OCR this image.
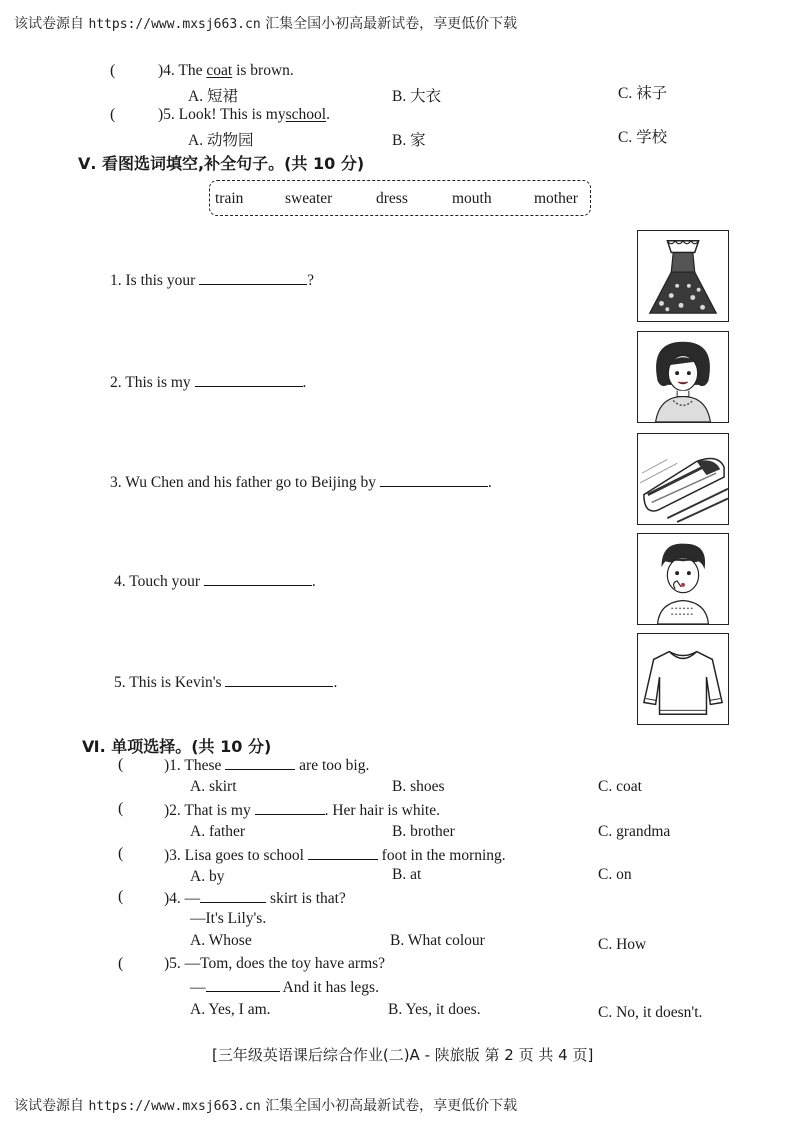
该试卷源自 https://www.mxsj663.cn 汇集全国小初高最新试卷，享更低价下载
(	)4. The coat is brown.
A. 短裙	B. 大衣	C. 袜子
(	)5. Look! This is myschool.
A. 动物园	B. 家	C. 学校
Ⅴ. 看图选词填空,补全句子。(共 10 分)
train	sweater	dress	mouth	mother
1. Is this your	?
2. This is my	.
3. Wu Chen and his father go to Beijing by	.
4. Touch your	.
5. This is Kevin's	.
Ⅵ. 单项选择。(共 10 分)
(	)1. These	are too big.
A. skirt	B. shoes	C. coat
(	)2. That is my	. Her hair is white.
A. father	B. brother	C. grandma
(	)3. Lisa goes to school	foot in the morning.
A. by	B. at	C. on
(	)4. —	skirt is that?
—It's Lily's.
A. Whose	B. What colour	C. How
(	)5. —Tom, does the toy have arms?
—	And it has legs.
A. Yes, I am.	B. Yes, it does.	C. No, it doesn't.
[三年级英语课后综合作业(二)A - 陕旅版 第 2 页 共 4 页]
该试卷源自 https://www.mxsj663.cn 汇集全国小初高最新试卷，享更低价下载
